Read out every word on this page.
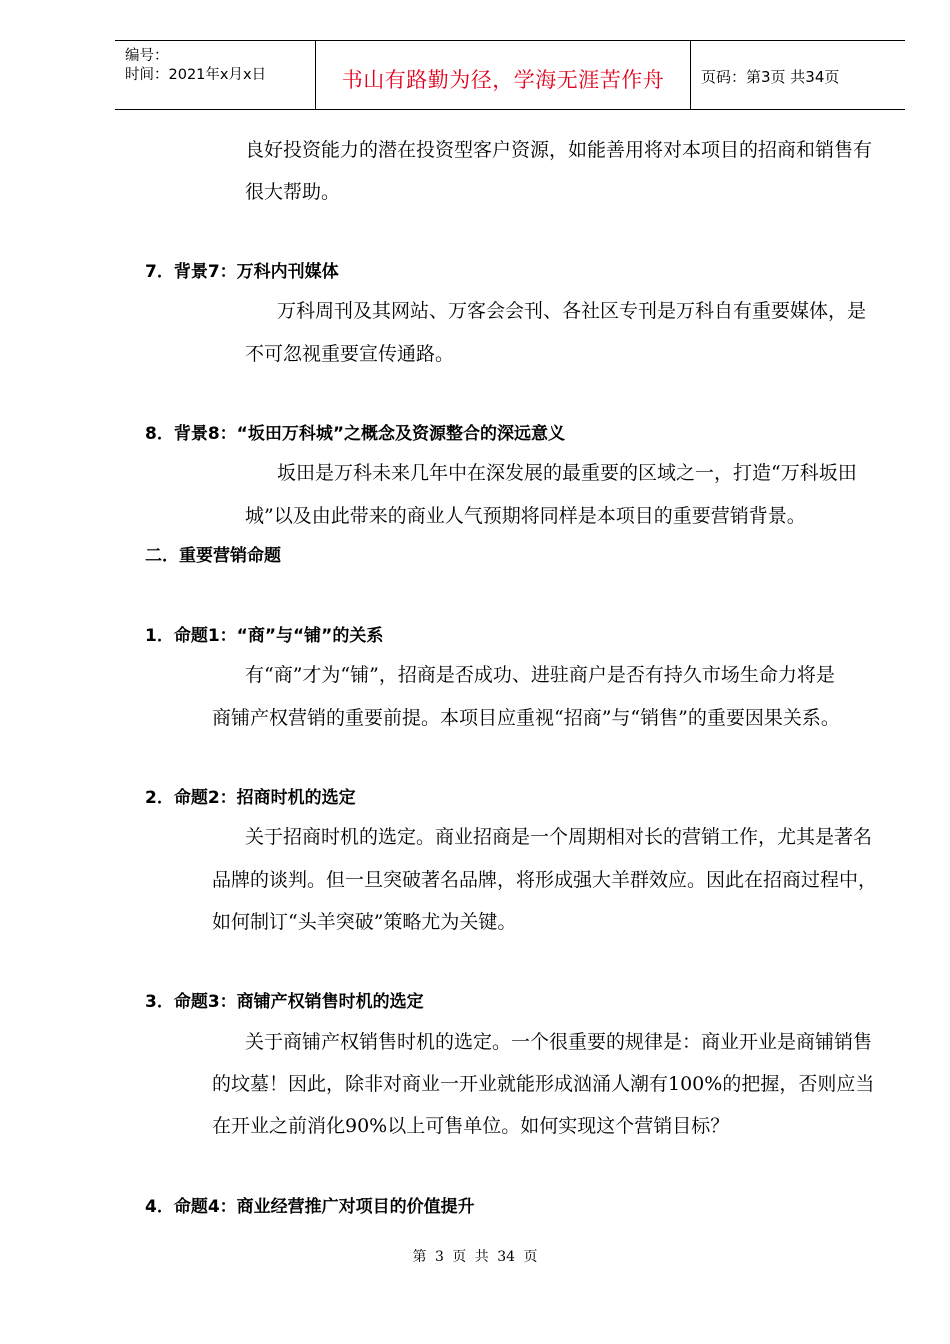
编号：
时间：2021年x月x日	书山有路勤为径，学海无涯苦作舟	页码：第3页 共34页
良好投资能力的潜在投资型客户资源，如能善用将对本项目的招商和销售有
很大帮助。
7．背景7：万科内刊媒体
万科周刊及其网站、万客会会刊、各社区专刊是万科自有重要媒体，是
不可忽视重要宣传通路。
8．背景8：“坂田万科城”之概念及资源整合的深远意义
坂田是万科未来几年中在深发展的最重要的区域之一，打造“万科坂田
城”以及由此带来的商业人气预期将同样是本项目的重要营销背景。
二．重要营销命题
1．命题1：“商”与“铺”的关系
有“商”才为“铺”，招商是否成功、进驻商户是否有持久市场生命力将是
商铺产权营销的重要前提。本项目应重视“招商”与“销售”的重要因果关系。
2．命题2：招商时机的选定
关于招商时机的选定。商业招商是一个周期相对长的营销工作，尤其是著名
品牌的谈判。但一旦突破著名品牌，将形成强大羊群效应。因此在招商过程中，
如何制订“头羊突破”策略尤为关键。
3．命题3：商铺产权销售时机的选定
关于商铺产权销售时机的选定。一个很重要的规律是：商业开业是商铺销售
的坟墓！因此，除非对商业一开业就能形成汹涌人潮有100%的把握，否则应当
在开业之前消化90%以上可售单位。如何实现这个营销目标？
4．命题4：商业经营推广对项目的价值提升
第 3 页 共 34 页
